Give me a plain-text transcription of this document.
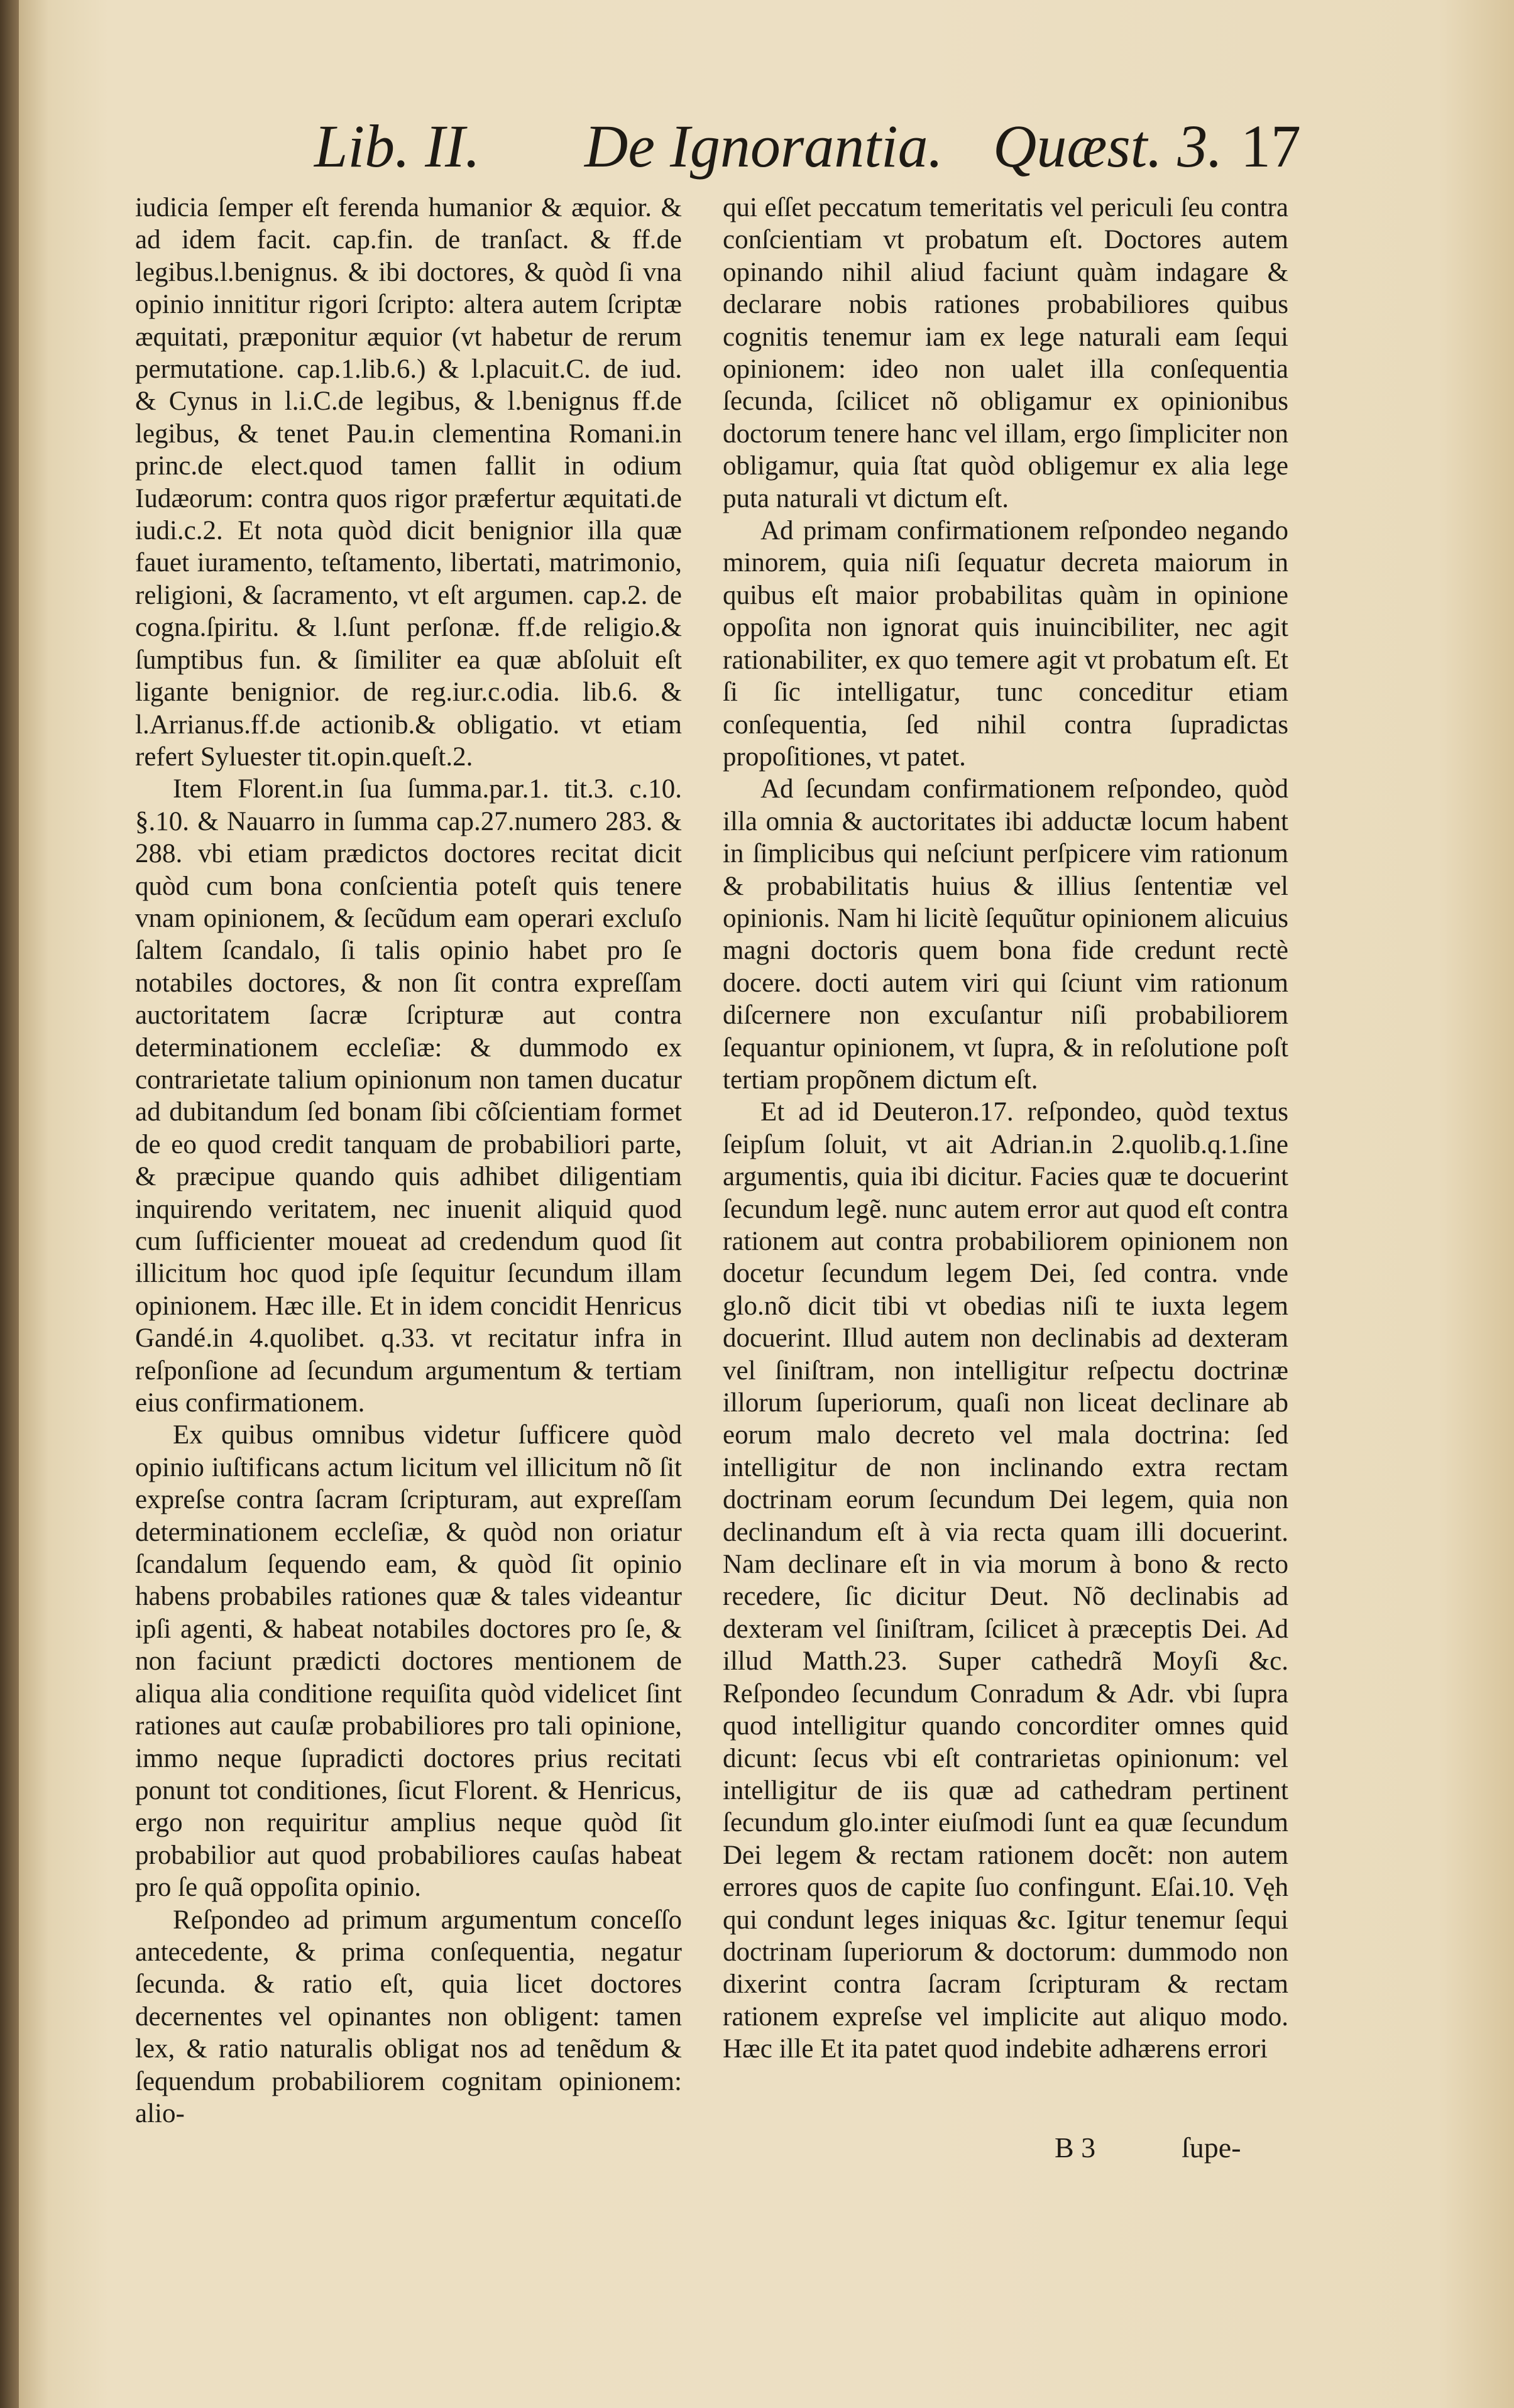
Lib. II. De Ignorantia. Quæst. 3. 17

iudicia ſemper eſt ferenda humanior & æquior. & ad idem facit. cap.fin. de tranſact. & ff.de legibus.l.benignus. & ibi doctores, & quòd ſi vna opinio innititur rigori ſcripto: altera autem ſcriptæ æquitati, præponitur æquior (vt habetur de rerum permutatione. cap.1.lib.6.) & l.placuit.C. de iud. & Cynus in l.i.C.de legibus, & l.benignus ff.de legibus, & tenet Pau.in clementina Romani.in princ.de elect.quod tamen fallit in odium Iudæorum: contra quos rigor præfertur æquitati.de iudi.c.2. Et nota quòd dicit benignior illa quæ fauet iuramento, teſtamento, libertati, matrimonio, religioni, & ſacramento, vt eſt argumen. cap.2. de cogna.ſpiritu. & l.ſunt perſonæ. ff.de religio.& ſumptibus fun. & ſimiliter ea quæ abſoluit eſt ligante benignior. de reg.iur.c.odia. lib.6. & l.Arrianus.ff.de actionib.& obligatio. vt etiam refert Syluester tit.opin.queſt.2.

Item Florent.in ſua ſumma.par.1. tit.3. c.10. §.10. & Nauarro in ſumma cap.27.numero 283. & 288. vbi etiam prædictos doctores recitat dicit quòd cum bona conſcientia poteſt quis tenere vnam opinionem, & ſecũdum eam operari excluſo ſaltem ſcandalo, ſi talis opinio habet pro ſe notabiles doctores, & non ſit contra expreſſam auctoritatem ſacræ ſcripturæ aut contra determinationem eccleſiæ: & dummodo ex contrarietate talium opinionum non tamen ducatur ad dubitandum ſed bonam ſibi cõſcientiam formet de eo quod credit tanquam de probabiliori parte, & præcipue quando quis adhibet diligentiam inquirendo veritatem, nec inuenit aliquid quod cum ſufficienter moueat ad credendum quod ſit illicitum hoc quod ipſe ſequitur ſecundum illam opinionem. Hæc ille. Et in idem concidit Henricus Gandé.in 4.quolibet. q.33. vt recitatur infra in reſponſione ad ſecundum argumentum & tertiam eius confirmationem.

Ex quibus omnibus videtur ſufficere quòd opinio iuſtificans actum licitum vel illicitum nõ ſit expreſse contra ſacram ſcripturam, aut expreſſam determinationem eccleſiæ, & quòd non oriatur ſcandalum ſequendo eam, & quòd ſit opinio habens probabiles rationes quæ & tales videantur ipſi agenti, & habeat notabiles doctores pro ſe, & non faciunt prædicti doctores mentionem de aliqua alia conditione requiſita quòd videlicet ſint rationes aut cauſæ probabiliores pro tali opinione, immo neque ſupradicti doctores prius recitati ponunt tot conditiones, ſicut Florent. & Henricus, ergo non requiritur amplius neque quòd ſit probabilior aut quod probabiliores cauſas habeat pro ſe quã oppoſita opinio.

Reſpondeo ad primum argumentum conceſſo antecedente, & prima conſequentia, negatur ſecunda. & ratio eſt, quia licet doctores decernentes vel opinantes non obligent: tamen lex, & ratio naturalis obligat nos ad tenẽdum & ſequendum probabiliorem cognitam opinionem: alio-

qui eſſet peccatum temeritatis vel periculi ſeu contra conſcientiam vt probatum eſt. Doctores autem opinando nihil aliud faciunt quàm indagare & declarare nobis rationes probabiliores quibus cognitis tenemur iam ex lege naturali eam ſequi opinionem: ideo non ualet illa conſequentia ſecunda, ſcilicet nõ obligamur ex opinionibus doctorum tenere hanc vel illam, ergo ſimpliciter non obligamur, quia ſtat quòd obligemur ex alia lege puta naturali vt dictum eſt.

Ad primam confirmationem reſpondeo negando minorem, quia niſi ſequatur decreta maiorum in quibus eſt maior probabilitas quàm in opinione oppoſita non ignorat quis inuincibiliter, nec agit rationabiliter, ex quo temere agit vt probatum eſt. Et ſi ſic intelligatur, tunc conceditur etiam conſequentia, ſed nihil contra ſupradictas propoſitiones, vt patet.

Ad ſecundam confirmationem reſpondeo, quòd illa omnia & auctoritates ibi adductæ locum habent in ſimplicibus qui neſciunt perſpicere vim rationum & probabilitatis huius & illius ſententiæ vel opinionis. Nam hi licitè ſequũtur opinionem alicuius magni doctoris quem bona fide credunt rectè docere. docti autem viri qui ſciunt vim rationum diſcernere non excuſantur niſi probabiliorem ſequantur opinionem, vt ſupra, & in reſolutione poſt tertiam propõnem dictum eſt.

Et ad id Deuteron.17. reſpondeo, quòd textus ſeipſum ſoluit, vt ait Adrian.in 2.quolib.q.1.ſine argumentis, quia ibi dicitur. Facies quæ te docuerint ſecundum legẽ. nunc autem error aut quod eſt contra rationem aut contra probabiliorem opinionem non docetur ſecundum legem Dei, ſed contra. vnde glo.nõ dicit tibi vt obedias niſi te iuxta legem docuerint. Illud autem non declinabis ad dexteram vel ſiniſtram, non intelligitur reſpectu doctrinæ illorum ſuperiorum, quaſi non liceat declinare ab eorum malo decreto vel mala doctrina: ſed intelligitur de non inclinando extra rectam doctrinam eorum ſecundum Dei legem, quia non declinandum eſt à via recta quam illi docuerint. Nam declinare eſt in via morum à bono & recto recedere, ſic dicitur Deut. Nõ declinabis ad dexteram vel ſiniſtram, ſcilicet à præceptis Dei. Ad illud Matth.23. Super cathedrã Moyſi &c. Reſpondeo ſecundum Conradum & Adr. vbi ſupra quod intelligitur quando concorditer omnes quid dicunt: ſecus vbi eſt contrarietas opinionum: vel intelligitur de iis quæ ad cathedram pertinent ſecundum glo.inter eiuſmodi ſunt ea quæ ſecundum Dei legem & rectam rationem docẽt: non autem errores quos de capite ſuo confingunt. Eſai.10. Vęh qui condunt leges iniquas &c. Igitur tenemur ſequi doctrinam ſuperiorum & doctorum: dummodo non dixerint contra ſacram ſcripturam & rectam rationem expreſse vel implicite aut aliquo modo. Hæc ille Et ita patet quod indebite adhærens errori

B 3	ſupe-
